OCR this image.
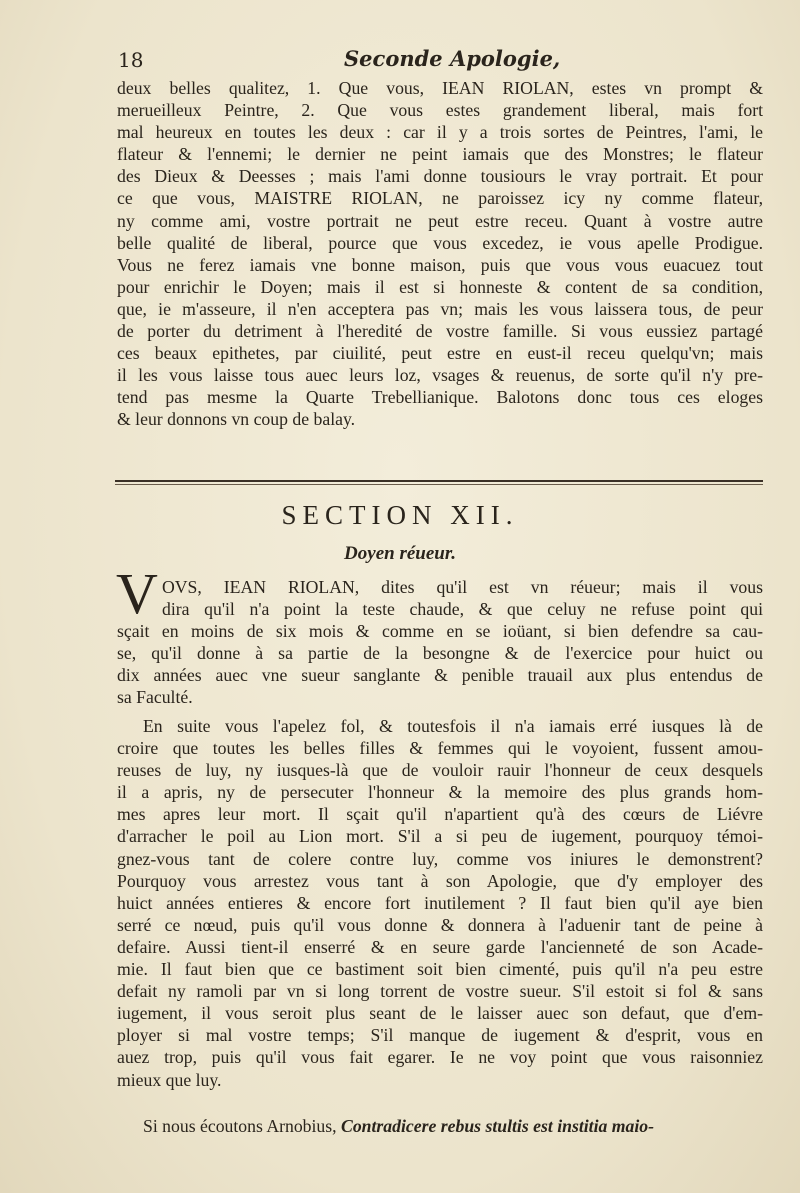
18	Seconde Apologie,
deux belles qualitez, 1. Que vous, IEAN RIOLAN, estes vn prompt &
merueilleux Peintre, 2. Que vous estes grandement liberal, mais fort
mal heureux en toutes les deux : car il y a trois sortes de Peintres, l'ami, le
flateur & l'ennemi; le dernier ne peint iamais que des Monstres; le flateur
des Dieux & Deesses ; mais l'ami donne tousiours le vray portrait. Et pour
ce que vous, MAISTRE RIOLAN, ne paroissez icy ny comme flateur,
ny comme ami, vostre portrait ne peut estre receu. Quant à vostre autre
belle qualité de liberal, pource que vous excedez, ie vous apelle Prodigue.
Vous ne ferez iamais vne bonne maison, puis que vous vous euacuez tout
pour enrichir le Doyen; mais il est si honneste & content de sa condition,
que, ie m'asseure, il n'en acceptera pas vn; mais les vous laissera tous, de peur
de porter du detriment à l'heredité de vostre famille. Si vous eussiez partagé
ces beaux epithetes, par ciuilité, peut estre en eust-il receu quelqu'vn; mais
il les vous laisse tous auec leurs loz, vsages & reuenus, de sorte qu'il n'y pre-
tend pas mesme la Quarte Trebellianique. Balotons donc tous ces eloges
& leur donnons vn coup de balay.
SECTION XII.
Doyen réueur.
V OVS, IEAN RIOLAN, dites qu'il est vn réueur; mais il vous
dira qu'il n'a point la teste chaude, & que celuy ne refuse point qui
sçait en moins de six mois & comme en se ioüant, si bien defendre sa cau-
se, qu'il donne à sa partie de la besongne & de l'exercice pour huict ou
dix années auec vne sueur sanglante & penible trauail aux plus entendus de
sa Faculté.
En suite vous l'apelez fol, & toutesfois il n'a iamais erré iusques là de
croire que toutes les belles filles & femmes qui le voyoient, fussent amou-
reuses de luy, ny iusques-là que de vouloir rauir l'honneur de ceux desquels
il a apris, ny de persecuter l'honneur & la memoire des plus grands hom-
mes apres leur mort. Il sçait qu'il n'apartient qu'à des cœurs de Liévre
d'arracher le poil au Lion mort. S'il a si peu de iugement, pourquoy témoi-
gnez-vous tant de colere contre luy, comme vos iniures le demonstrent?
Pourquoy vous arrestez vous tant à son Apologie, que d'y employer des
huict années entieres & encore fort inutilement ? Il faut bien qu'il aye bien
serré ce nœud, puis qu'il vous donne & donnera à l'aduenir tant de peine à
defaire. Aussi tient-il enserré & en seure garde l'ancienneté de son Acade-
mie. Il faut bien que ce bastiment soit bien cimenté, puis qu'il n'a peu estre
defait ny ramoli par vn si long torrent de vostre sueur. S'il estoit si fol & sans
iugement, il vous seroit plus seant de le laisser auec son defaut, que d'em-
ployer si mal vostre temps; S'il manque de iugement & d'esprit, vous en
auez trop, puis qu'il vous fait egarer. Ie ne voy point que vous raisonniez
mieux que luy.
Si nous écoutons Arnobius, Contradicere rebus stultis est institia maio-
